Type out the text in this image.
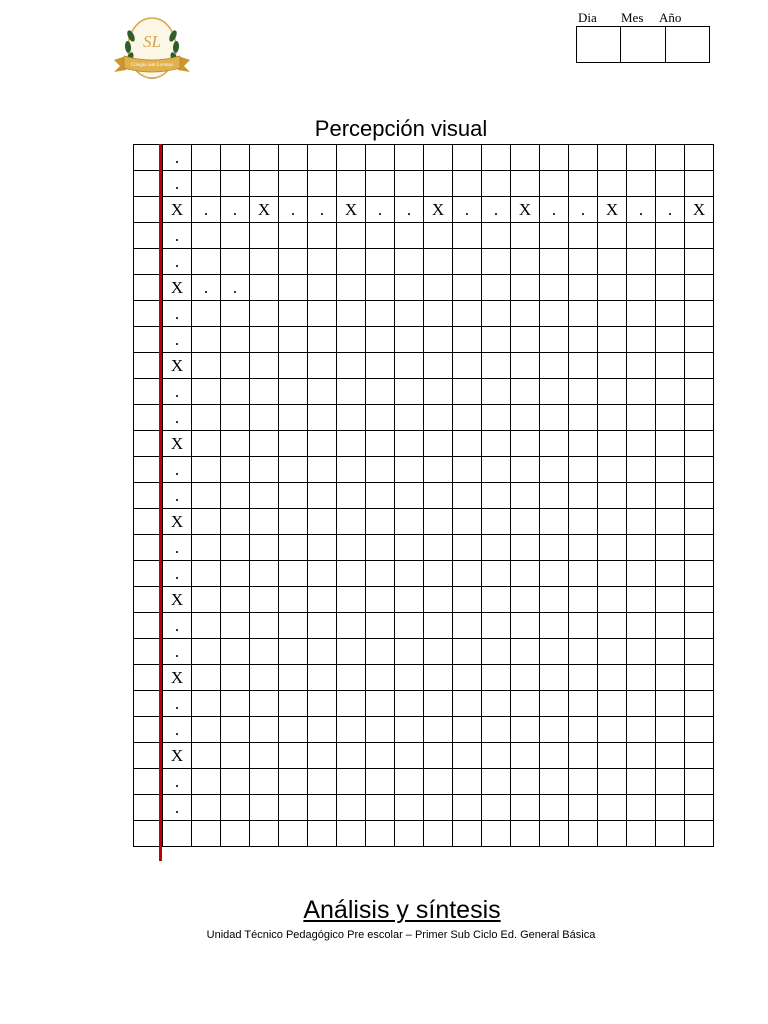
SL
Colegio San Lorenzo
~~~
Dia Mes Año
Percepción visual
	.																		
	.																		
	X	.	.	X	.	.	X	.	.	X	.	.	X	.	.	X	.	.	X
	.																		
	.																		
	X	.	.																
	.																		
	.																		
	X																		
	.																		
	.																		
	X																		
	.																		
	.																		
	X																		
	.																		
	.																		
	X																		
	.																		
	.																		
	X																		
	.																		
	.																		
	X																		
	.																		
	.																		

Análisis y síntesis
Unidad Técnico Pedagógico Pre escolar – Primer Sub Ciclo Ed. General Básica
